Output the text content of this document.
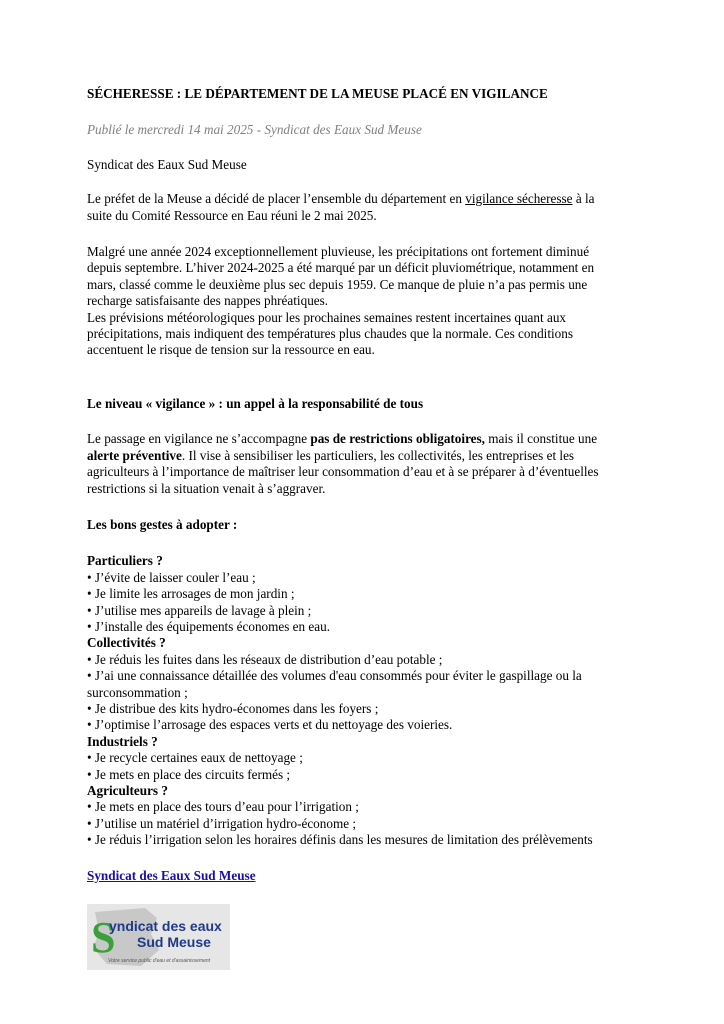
SÉCHERESSE : LE DÉPARTEMENT DE LA MEUSE PLACÉ EN VIGILANCE

Publié le mercredi 14 mai 2025 - Syndicat des Eaux Sud Meuse

Syndicat des Eaux Sud Meuse

Le préfet de la Meuse a décidé de placer l’ensemble du département en vigilance sécheresse à la suite du Comité Ressource en Eau réuni le 2 mai 2025.

Malgré une année 2024 exceptionnellement pluvieuse, les précipitations ont fortement diminué depuis septembre. L’hiver 2024-2025 a été marqué par un déficit pluviométrique, notamment en mars, classé comme le deuxième plus sec depuis 1959. Ce manque de pluie n’a pas permis une recharge satisfaisante des nappes phréatiques.

Les prévisions météorologiques pour les prochaines semaines restent incertaines quant aux précipitations, mais indiquent des températures plus chaudes que la normale. Ces conditions accentuent le risque de tension sur la ressource en eau.

Le niveau « vigilance » : un appel à la responsabilité de tous

Le passage en vigilance ne s’accompagne pas de restrictions obligatoires, mais il constitue une alerte préventive. Il vise à sensibiliser les particuliers, les collectivités, les entreprises et les agriculteurs à l’importance de maîtriser leur consommation d’eau et à se préparer à d’éventuelles restrictions si la situation venait à s’aggraver.

Les bons gestes à adopter :

Particuliers ?
• J’évite de laisser couler l’eau ;
• Je limite les arrosages de mon jardin ;
• J’utilise mes appareils de lavage à plein ;
• J’installe des équipements économes en eau.
Collectivités ?
• Je réduis les fuites dans les réseaux de distribution d’eau potable ;
• J’ai une connaissance détaillée des volumes d'eau consommés pour éviter le gaspillage ou la surconsommation ;
• Je distribue des kits hydro-économes dans les foyers ;
• J’optimise l’arrosage des espaces verts et du nettoyage des voieries.
Industriels ?
• Je recycle certaines eaux de nettoyage ;
• Je mets en place des circuits fermés ;
Agriculteurs ?
• Je mets en place des tours d’eau pour l’irrigation ;
• J’utilise un matériel d’irrigation hydro-économe ;
• Je réduis l’irrigation selon les horaires définis dans les mesures de limitation des prélèvements

Syndicat des Eaux Sud Meuse

S
yndicat des eaux
Sud Meuse
Votre service public d'eau et d'assainissement
